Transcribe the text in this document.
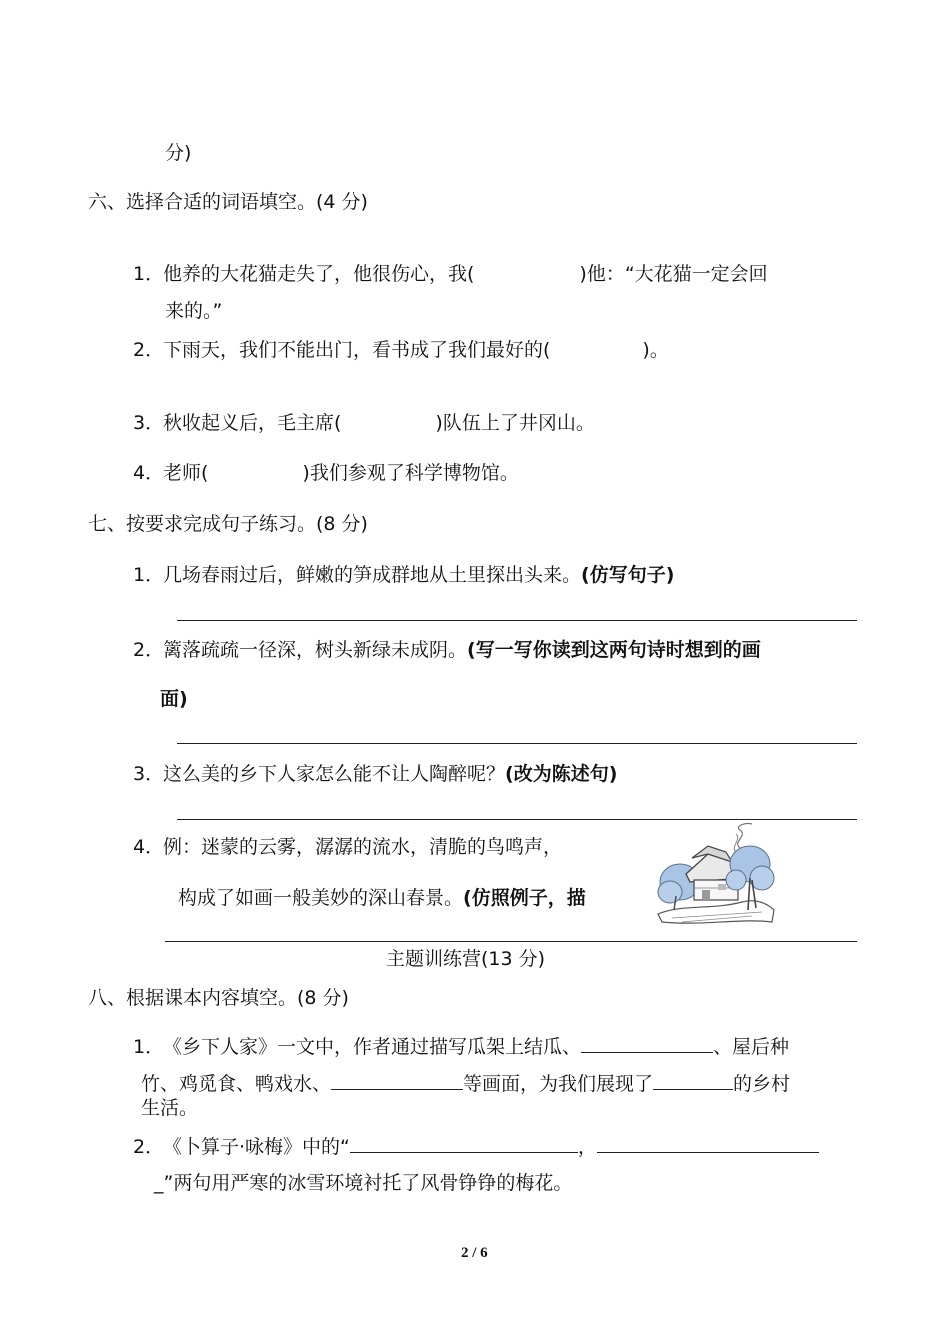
分)
六、选择合适的词语填空。(4 分)
1．他养的大花猫走失了，他很伤心，我(	)他：“大花猫一定会回
来的。”
2．下雨天，我们不能出门，看书成了我们最好的(	)。
3．秋收起义后，毛主席(	)队伍上了井冈山。
4．老师(	)我们参观了科学博物馆。
七、按要求完成句子练习。(8 分)
1．几场春雨过后，鲜嫩的笋成群地从土里探出头来。(仿写句子)
2．篱落疏疏一径深，树头新绿未成阴。(写一写你读到这两句诗时想到的画
面)
3．这么美的乡下人家怎么能不让人陶醉呢？(改为陈述句)
4．例：迷蒙的云雾，潺潺的流水，清脆的鸟鸣声，
构成了如画一般美妙的深山春景。(仿照例子，描
主题训练营(13 分)
八、根据课本内容填空。(8 分)
1．《乡下人家》一文中，作者通过描写瓜架上结瓜、	、屋后种
竹、鸡觅食、鸭戏水、	等画面，为我们展现了	的乡村
生活。
2．《卜算子·咏梅》中的“	，
_”两句用严寒的冰雪环境衬托了风骨铮铮的梅花。
2 / 6
